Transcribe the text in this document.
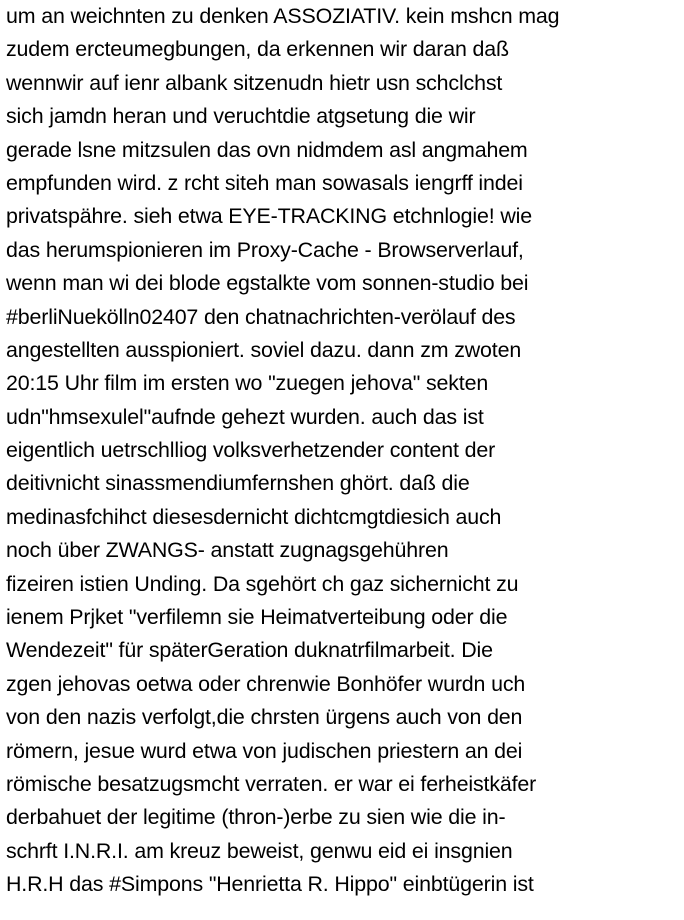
um an weichnten zu denken ASSOZIATIV. kein mshcn mag
zudem ercteumegbungen, da erkennen wir daran daß
wennwir auf ienr albank sitzenudn hietr usn schclchst
sich jamdn heran und veruchtdie atgsetung die wir
gerade lsne mitzsulen das ovn nidmdem asl angmahem
empfunden wird. z rcht siteh man sowasals iengrff indei
privatspähre. sieh etwa EYE-TRACKING etchnlogie! wie
das herumspionieren im Proxy-Cache - Browserverlauf,
wenn man wi dei blode egstalkte vom sonnen-studio bei
#berliNuekölln02407 den chatnachrichten-verölauf des
angestellten ausspioniert. soviel dazu. dann zm zwoten
20:15 Uhr film im ersten wo "zuegen jehova" sekten
udn"hmsexulel"aufnde gehezt wurden. auch das ist
eigentlich uetrschlliog volksverhetzender content der
deitivnicht sinassmendiumfernshen ghört. daß die
medinasfchihct diesesdernicht dichtcmgtdiesich auch
noch über ZWANGS- anstatt zugnagsgehühren
fizeiren istien Unding. Da sgehört ch gaz sichernicht zu
ienem Prjket "verfilemn sie Heimatverteibung oder die
Wendezeit" für späterGeration duknatrfilmarbeit. Die
zgen jehovas oetwa oder chrenwie Bonhöfer wurdn uch
von den nazis verfolgt,die chrsten ürgens auch von den
römern, jesue wurd etwa von judischen priestern an dei
römische besatzugsmcht verraten. er war ei ferheistkäfer
derbahuet der legitime (thron-)erbe zu sien wie die in-
schrft I.N.R.I. am kreuz beweist, genwu eid ei insgnien
H.R.H das #Simpons "Henrietta R. Hippo" einbtügerin ist
